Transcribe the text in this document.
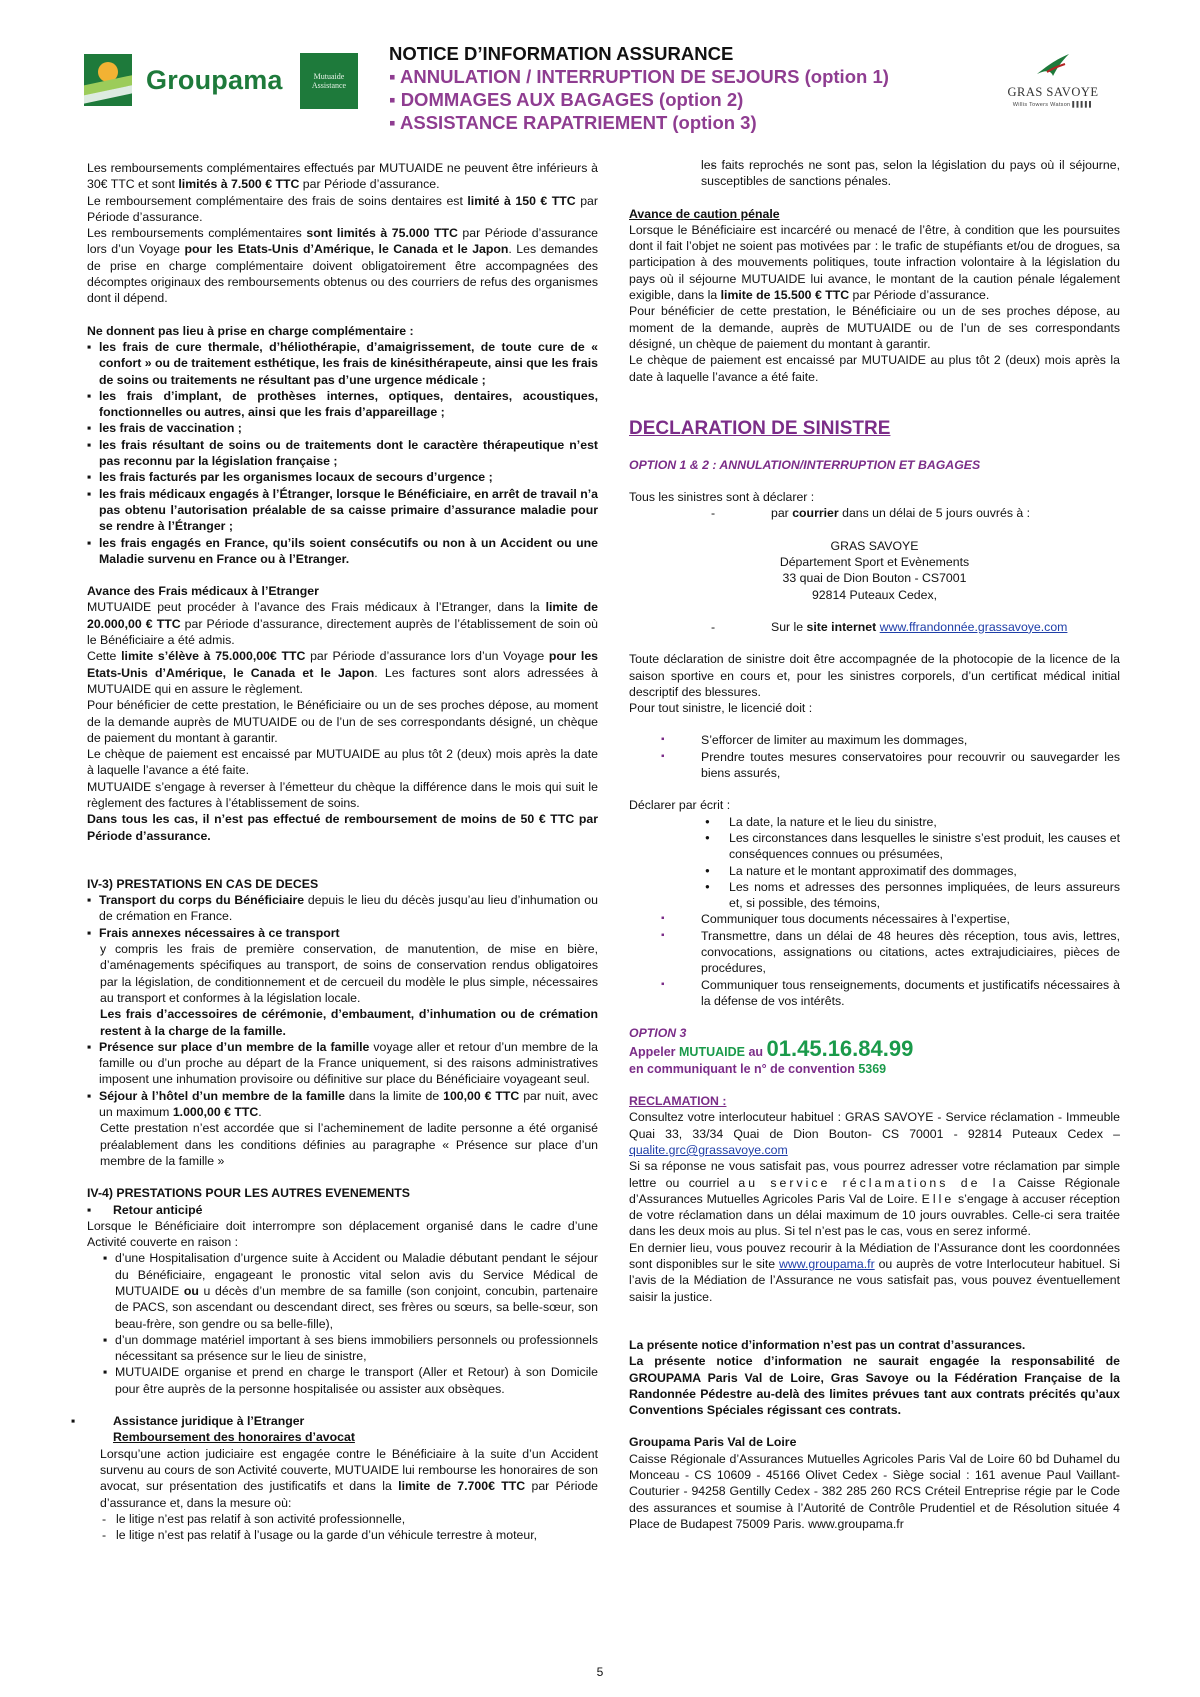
Groupama	Mutuaide
Assistance
NOTICE D’INFORMATION ASSURANCE
▪ ANNULATION / INTERRUPTION DE SEJOURS (option 1)
▪ DOMMAGES AUX BAGAGES (option 2)
▪ ASSISTANCE RAPATRIEMENT (option 3)
GRAS SAVOYE
Willis Towers Watson ▌▌▌▌▌

Les remboursements complémentaires effectués par MUTUAIDE ne peuvent être inférieurs à 30€ TTC et sont limités à 7.500 € TTC par Période d’assurance.

Le remboursement complémentaire des frais de soins dentaires est limité à 150 € TTC par Période d’assurance.

Les remboursements complémentaires sont limités à 75.000 TTC par Période d’assurance lors d’un Voyage pour les Etats-Unis d’Amérique, le Canada et le Japon. Les demandes de prise en charge complémentaire doivent obligatoirement être accompagnées des décomptes originaux des remboursements obtenus ou des courriers de refus des organismes dont il dépend.

Ne donnent pas lieu à prise en charge complémentaire :

▪ les frais de cure thermale, d’héliothérapie, d’amaigrissement, de toute cure de « confort » ou de traitement esthétique, les frais de kinésithérapeute, ainsi que les frais de soins ou traitements ne résultant pas d’une urgence médicale ;
▪ les frais d’implant, de prothèses internes, optiques, dentaires, acoustiques, fonctionnelles ou autres, ainsi que les frais d’appareillage ;
▪ les frais de vaccination ;
▪ les frais résultant de soins ou de traitements dont le caractère thérapeutique n’est pas reconnu par la législation française ;
▪ les frais facturés par les organismes locaux de secours d’urgence ;
▪ les frais médicaux engagés à l’Étranger, lorsque le Bénéficiaire, en arrêt de travail n’a pas obtenu l’autorisation préalable de sa caisse primaire d’assurance maladie pour se rendre à l’Étranger ;
▪ les frais engagés en France, qu’ils soient consécutifs ou non à un Accident ou une Maladie survenu en France ou à l’Etranger.

Avance des Frais médicaux à l’Etranger

MUTUAIDE peut procéder à l’avance des Frais médicaux à l’Etranger, dans la limite de 20.000,00 € TTC par Période d’assurance, directement auprès de l’établissement de soin où le Bénéficiaire a été admis.

Cette limite s’élève à 75.000,00€ TTC par Période d’assurance lors d’un Voyage pour les Etats-Unis d’Amérique, le Canada et le Japon. Les factures sont alors adressées à MUTUAIDE qui en assure le règlement.

Pour bénéficier de cette prestation, le Bénéficiaire ou un de ses proches dépose, au moment de la demande auprès de MUTUAIDE ou de l’un de ses correspondants désigné, un chèque de paiement du montant à garantir.

Le chèque de paiement est encaissé par MUTUAIDE au plus tôt 2 (deux) mois après la date à laquelle l’avance a été faite.

MUTUAIDE s’engage à reverser à l’émetteur du chèque la différence dans le mois qui suit le règlement des factures à l’établissement de soins.

Dans tous les cas, il n’est pas effectué de remboursement de moins de 50 € TTC par Période d’assurance.

IV-3) PRESTATIONS EN CAS DE DECES

▪ Transport du corps du Bénéficiaire depuis le lieu du décès jusqu’au lieu d’inhumation ou de crémation en France.
▪ Frais annexes nécessaires à ce transport

y compris les frais de première conservation, de manutention, de mise en bière, d’aménagements spécifiques au transport, de soins de conservation rendus obligatoires par la législation, de conditionnement et de cercueil du modèle le plus simple, nécessaires au transport et conformes à la législation locale.

Les frais d’accessoires de cérémonie, d’embaument, d’inhumation ou de crémation restent à la charge de la famille.

▪ Présence sur place d’un membre de la famille voyage aller et retour d’un membre de la famille ou d’un proche au départ de la France uniquement, si des raisons administratives imposent une inhumation provisoire ou définitive sur place du Bénéficiaire voyageant seul.
▪ Séjour à l’hôtel d’un membre de la famille dans la limite de 100,00 € TTC par nuit, avec un maximum 1.000,00 € TTC.

Cette prestation n’est accordée que si l’acheminement de ladite personne a été organisé préalablement dans les conditions définies au paragraphe « Présence sur place d’un membre de la famille »

IV-4) PRESTATIONS POUR LES AUTRES EVENEMENTS

▪ Retour anticipé

Lorsque le Bénéficiaire doit interrompre son déplacement organisé dans le cadre d’une Activité couverte en raison :

▪ d’une Hospitalisation d’urgence suite à Accident ou Maladie débutant pendant le séjour du Bénéficiaire, engageant le pronostic vital selon avis du Service Médical de MUTUAIDE ou u décès d’un membre de sa famille (son conjoint, concubin, partenaire de PACS, son ascendant ou descendant direct, ses frères ou sœurs, sa belle-sœur, son beau-frère, son gendre ou sa belle-fille),
▪ d’un dommage matériel important à ses biens immobiliers personnels ou professionnels nécessitant sa présence sur le lieu de sinistre,
▪ MUTUAIDE organise et prend en charge le transport (Aller et Retour) à son Domicile pour être auprès de la personne hospitalisée ou assister aux obsèques.

▪ Assistance juridique à l’Etranger

Remboursement des honoraires d’avocat

Lorsqu’une action judiciaire est engagée contre le Bénéficiaire à la suite d’un Accident survenu au cours de son Activité couverte, MUTUAIDE lui rembourse les honoraires de son avocat, sur présentation des justificatifs et dans la limite de 7.700€ TTC par Période d’assurance et, dans la mesure où:

- le litige n’est pas relatif à son activité professionnelle,
- le litige n’est pas relatif à l’usage ou la garde d’un véhicule terrestre à moteur,

- les faits reprochés ne sont pas, selon la législation du pays où il séjourne, susceptibles de sanctions pénales.

Avance de caution pénale

Lorsque le Bénéficiaire est incarcéré ou menacé de l’être, à condition que les poursuites dont il fait l’objet ne soient pas motivées par : le trafic de stupéfiants et/ou de drogues, sa participation à des mouvements politiques, toute infraction volontaire à la législation du pays où il séjourne MUTUAIDE lui avance, le montant de la caution pénale légalement exigible, dans la limite de 15.500 € TTC par Période d’assurance.

Pour bénéficier de cette prestation, le Bénéficiaire ou un de ses proches dépose, au moment de la demande, auprès de MUTUAIDE ou de l’un de ses correspondants désigné, un chèque de paiement du montant à garantir.

Le chèque de paiement est encaissé par MUTUAIDE au plus tôt 2 (deux) mois après la date à laquelle l’avance a été faite.

DECLARATION DE SINISTRE

OPTION 1 & 2 : ANNULATION/INTERRUPTION ET BAGAGES

Tous les sinistres sont à déclarer :

- par courrier dans un délai de 5 jours ouvrés à :

GRAS SAVOYE

Département Sport et Evènements

33 quai de Dion Bouton - CS7001

92814 Puteaux Cedex,

- Sur le site internet www.ffrandonnée.grassavoye.com

Toute déclaration de sinistre doit être accompagnée de la photocopie de la licence de la saison sportive en cours et, pour les sinistres corporels, d’un certificat médical initial descriptif des blessures.

Pour tout sinistre, le licencié doit :

▪ S’efforcer de limiter au maximum les dommages,

▪ Prendre toutes mesures conservatoires pour recouvrir ou sauvegarder les biens assurés,

Déclarer par écrit :

● La date, la nature et le lieu du sinistre,
● Les circonstances dans lesquelles le sinistre s’est produit, les causes et conséquences connues ou présumées,
● La nature et le montant approximatif des dommages,
● Les noms et adresses des personnes impliquées, de leurs assureurs et, si possible, des témoins,

▪ Communiquer tous documents nécessaires à l’expertise,

▪ Transmettre, dans un délai de 48 heures dès réception, tous avis, lettres, convocations, assignations ou citations, actes extrajudiciaires, pièces de procédures,

▪ Communiquer tous renseignements, documents et justificatifs nécessaires à la défense de vos intérêts.

OPTION 3

Appeler MUTUAIDE au 01.45.16.84.99

en communiquant le n° de convention 5369

RECLAMATION :

Consultez votre interlocuteur habituel : GRAS SAVOYE - Service réclamation - Immeuble Quai 33, 33/34 Quai de Dion Bouton- CS 70001 - 92814 Puteaux Cedex – qualite.grc@grassavoye.com

Si sa réponse ne vous satisfait pas, vous pourrez adresser votre réclamation par simple lettre ou courriel au service réclamations de la Caisse Régionale d’Assurances Mutuelles Agricoles Paris Val de Loire. Elle s’engage à accuser réception de votre réclamation dans un délai maximum de 10 jours ouvrables. Celle-ci sera traitée dans les deux mois au plus. Si tel n’est pas le cas, vous en serez informé.

En dernier lieu, vous pouvez recourir à la Médiation de l’Assurance dont les coordonnées sont disponibles sur le site www.groupama.fr ou auprès de votre Interlocuteur habituel. Si l’avis de la Médiation de l’Assurance ne vous satisfait pas, vous pouvez éventuellement saisir la justice.

La présente notice d’information n’est pas un contrat d’assurances.

La présente notice d’information ne saurait engagée la responsabilité de GROUPAMA Paris Val de Loire, Gras Savoye ou la Fédération Française de la Randonnée Pédestre au-delà des limites prévues tant aux contrats précités qu’aux Conventions Spéciales régissant ces contrats.

Groupama Paris Val de Loire

Caisse Régionale d’Assurances Mutuelles Agricoles Paris Val de Loire 60 bd Duhamel du Monceau - CS 10609 - 45166 Olivet Cedex - Siège social : 161 avenue Paul Vaillant-Couturier - 94258 Gentilly Cedex - 382 285 260 RCS Créteil Entreprise régie par le Code des assurances et soumise à l’Autorité de Contrôle Prudentiel et de Résolution située 4 Place de Budapest 75009 Paris. www.groupama.fr

5
